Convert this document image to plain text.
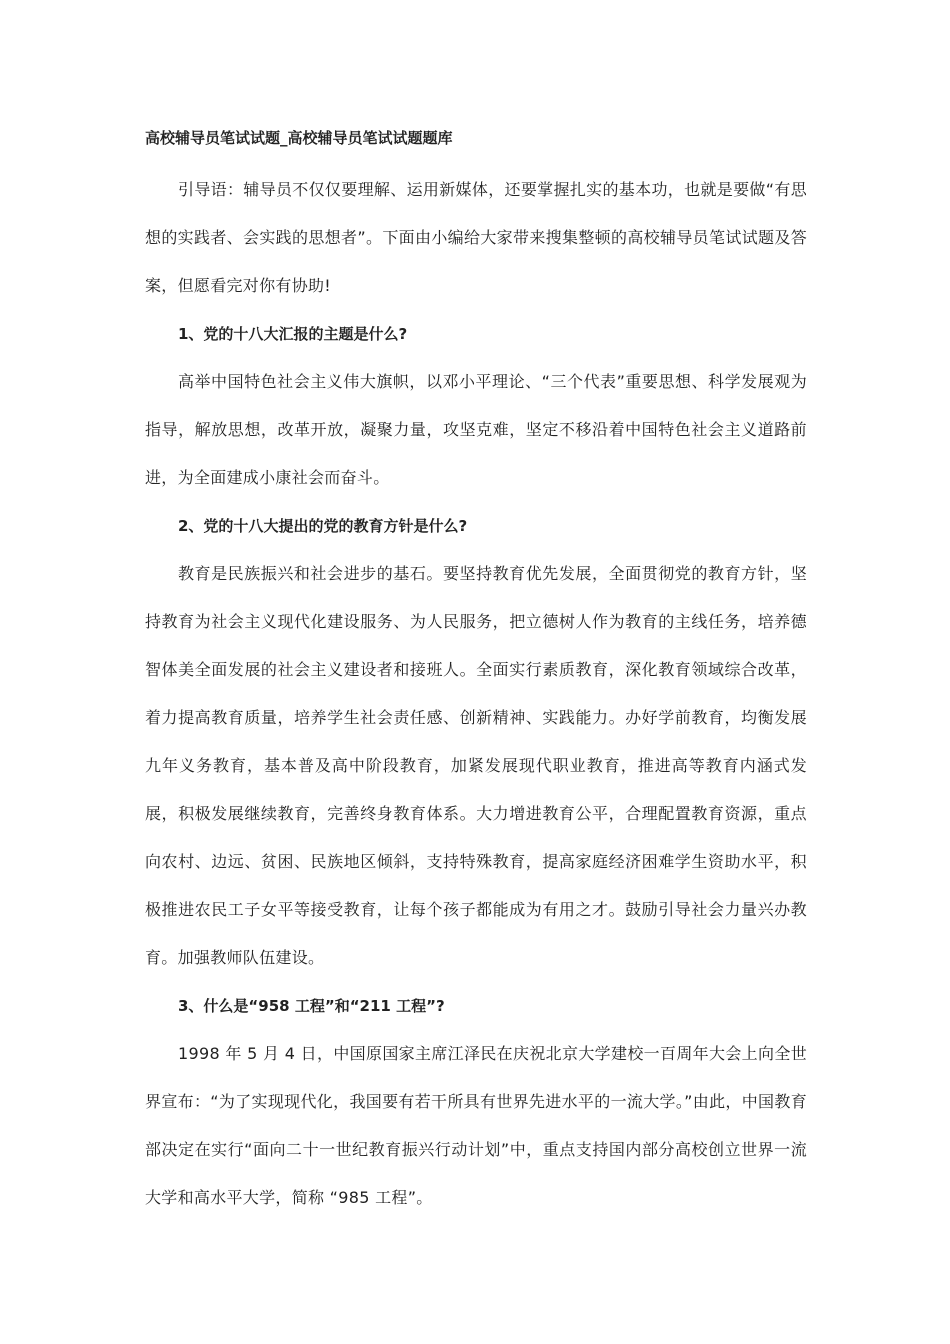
高校辅导员笔试试题_高校辅导员笔试试题题库

引导语：辅导员不仅仅要理解、运用新媒体，还要掌握扎实的基本功，也就是要做“有思想的实践者、会实践的思想者”。下面由小编给大家带来搜集整顿的高校辅导员笔试试题及答案，但愿看完对你有协助!

1、党的十八大汇报的主题是什么?

高举中国特色社会主义伟大旗帜，以邓小平理论、“三个代表”重要思想、科学发展观为指导，解放思想，改革开放，凝聚力量，攻坚克难，坚定不移沿着中国特色社会主义道路前进，为全面建成小康社会而奋斗。

2、党的十八大提出的党的教育方针是什么?

教育是民族振兴和社会进步的基石。要坚持教育优先发展，全面贯彻党的教育方针，坚持教育为社会主义现代化建设服务、为人民服务，把立德树人作为教育的主线任务，培养德智体美全面发展的社会主义建设者和接班人。全面实行素质教育，深化教育领域综合改革，着力提高教育质量，培养学生社会责任感、创新精神、实践能力。办好学前教育，均衡发展九年义务教育，基本普及高中阶段教育，加紧发展现代职业教育，推进高等教育内涵式发展，积极发展继续教育，完善终身教育体系。大力增进教育公平，合理配置教育资源，重点向农村、边远、贫困、民族地区倾斜，支持特殊教育，提高家庭经济困难学生资助水平，积极推进农民工子女平等接受教育，让每个孩子都能成为有用之才。鼓励引导社会力量兴办教育。加强教师队伍建设。

3、什么是“958 工程”和“211 工程”?

1998 年 5 月 4 日，中国原国家主席江泽民在庆祝北京大学建校一百周年大会上向全世界宣布：“为了实现现代化，我国要有若干所具有世界先进水平的一流大学。”由此，中国教育部决定在实行“面向二十一世纪教育振兴行动计划”中，重点支持国内部分高校创立世界一流大学和高水平大学，简称 “985 工程”。
